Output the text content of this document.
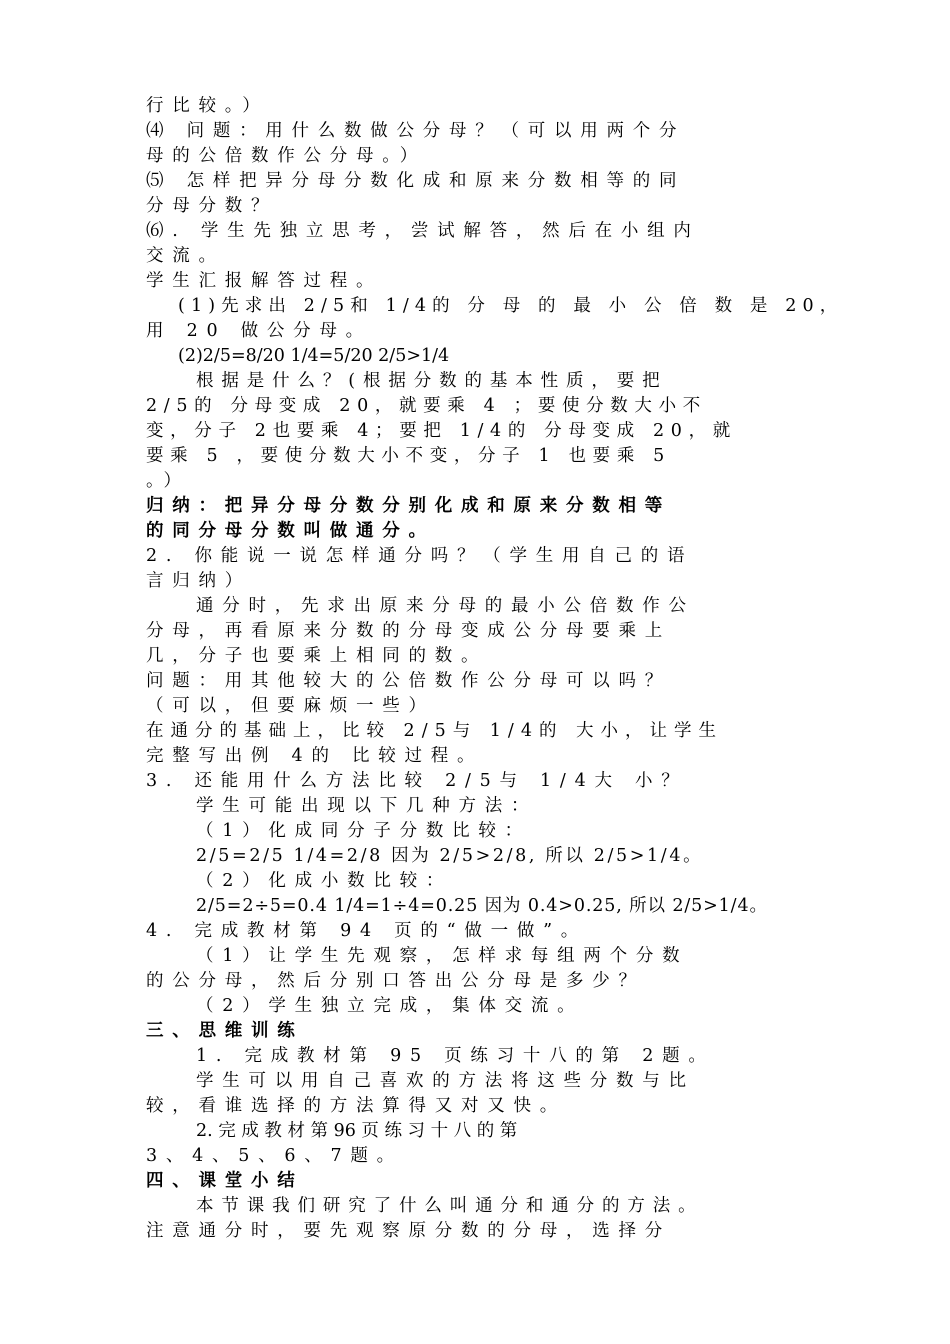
行比较。）
⑷ 问题：用什么数做公分母？（可以用两个分
母的公倍数作公分母。）
⑸ 怎样把异分母分数化成和原来分数相等的同
分母分数？
⑹. 学生先独立思考，尝试解答，然后在小组内
交流。
学生汇报解答过程。
(1)先求出 2/5和 1/4的 分 母 的 最 小 公 倍 数 是 20，
用 20 做公分母。
(2)2/5=8/20 1/4=5/20 2/5>1/4
根据是什么？(根据分数的基本性质，要把
2/5的 分母变成 20，就要乘 4 ；要使分数大小不
变，分子 2也要乘 4；要把 1/4的 分母变成 20，就
要乘 5 ，要使分数大小不变，分子 1 也要乘 5
。）
归纳：把异分母分数分别化成和原来分数相等
的同分母分数叫做通分。
2. 你能说一说怎样通分吗？（学生用自己的语
言归纳）
通分时，先求出原来分母的最小公倍数作公
分母，再看原来分数的分母变成公分母要乘上
几，分子也要乘上相同的数。
问题：用其他较大的公倍数作公分母可以吗？
（可以，但要麻烦一些）
在通分的基础上，比较 2/5与 1/4的 大小，让学生
完整写出例 4的 比较过程。
3. 还能用什么方法比较 2/5与 1/4大 小？
学生可能出现以下几种方法：
（1）化成同分子分数比较：
2/5=2/5 1/4=2/8 因为 2/5>2/8, 所以 2/5>1/4。
（2）化成小数比较：
2/5=2÷5=0.4 1/4=1÷4=0.25 因为 0.4>0.25, 所以 2/5>1/4。
4. 完成教材第 94 页的“做一做”。
（1）让学生先观察，怎样求每组两个分数
的公分母，然后分别口答出公分母是多少？
（2）学生独立完成，集体交流。
三、思维训练
1. 完成教材第 95 页练习十八的第 2题。
学生可以用自己喜欢的方法将这些分数与比
较，看谁选择的方法算得又对又快。
2. 完 成 教 材 第 96 页 练 习 十 八 的 第
3、4、5、6、7题。
四、课堂小结
本节课我们研究了什么叫通分和通分的方法。
注意通分时，要先观察原分数的分母，选择分
